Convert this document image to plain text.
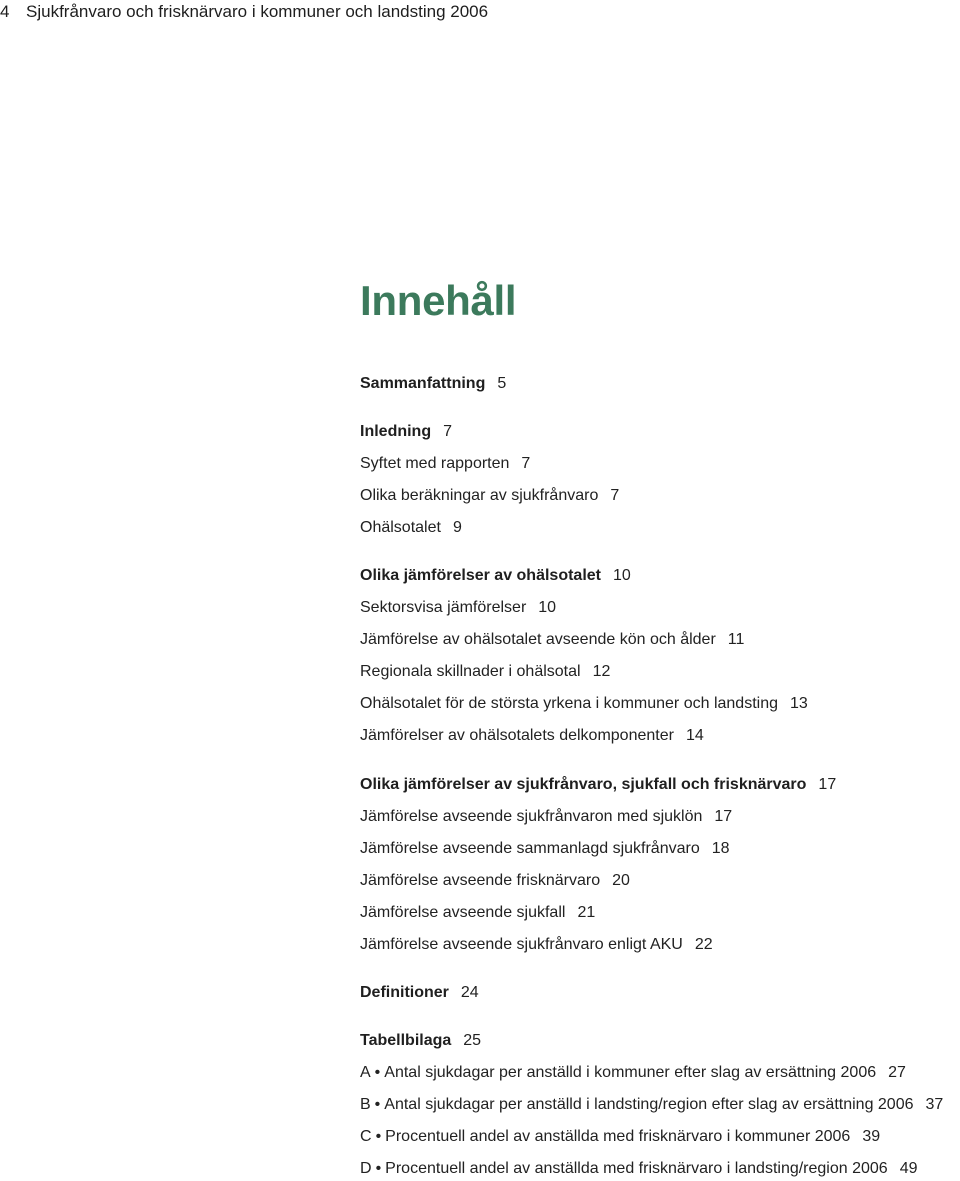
4 Sjukfrånvaro och frisknärvaro i kommuner och landsting 2006
Innehåll
Sammanfattning 5
Inledning 7
Syftet med rapporten 7
Olika beräkningar av sjukfrånvaro 7
Ohälsotalet 9
Olika jämförelser av ohälsotalet 10
Sektorsvisa jämförelser 10
Jämförelse av ohälsotalet avseende kön och ålder 11
Regionala skillnader i ohälsotal 12
Ohälsotalet för de största yrkena i kommuner och landsting 13
Jämförelser av ohälsotalets delkomponenter 14
Olika jämförelser av sjukfrånvaro, sjukfall och frisknärvaro 17
Jämförelse avseende sjukfrånvaron med sjuklön 17
Jämförelse avseende sammanlagd sjukfrånvaro 18
Jämförelse avseende frisknärvaro 20
Jämförelse avseende sjukfall 21
Jämförelse avseende sjukfrånvaro enligt AKU 22
Definitioner 24
Tabellbilaga 25
A • Antal sjukdagar per anställd i kommuner efter slag av ersättning 2006 27
B • Antal sjukdagar per anställd i landsting/region efter slag av ersättning 2006 37
C • Procentuell andel av anställda med frisknärvaro i kommuner 2006 39
D • Procentuell andel av anställda med frisknärvaro i landsting/region 2006 49
